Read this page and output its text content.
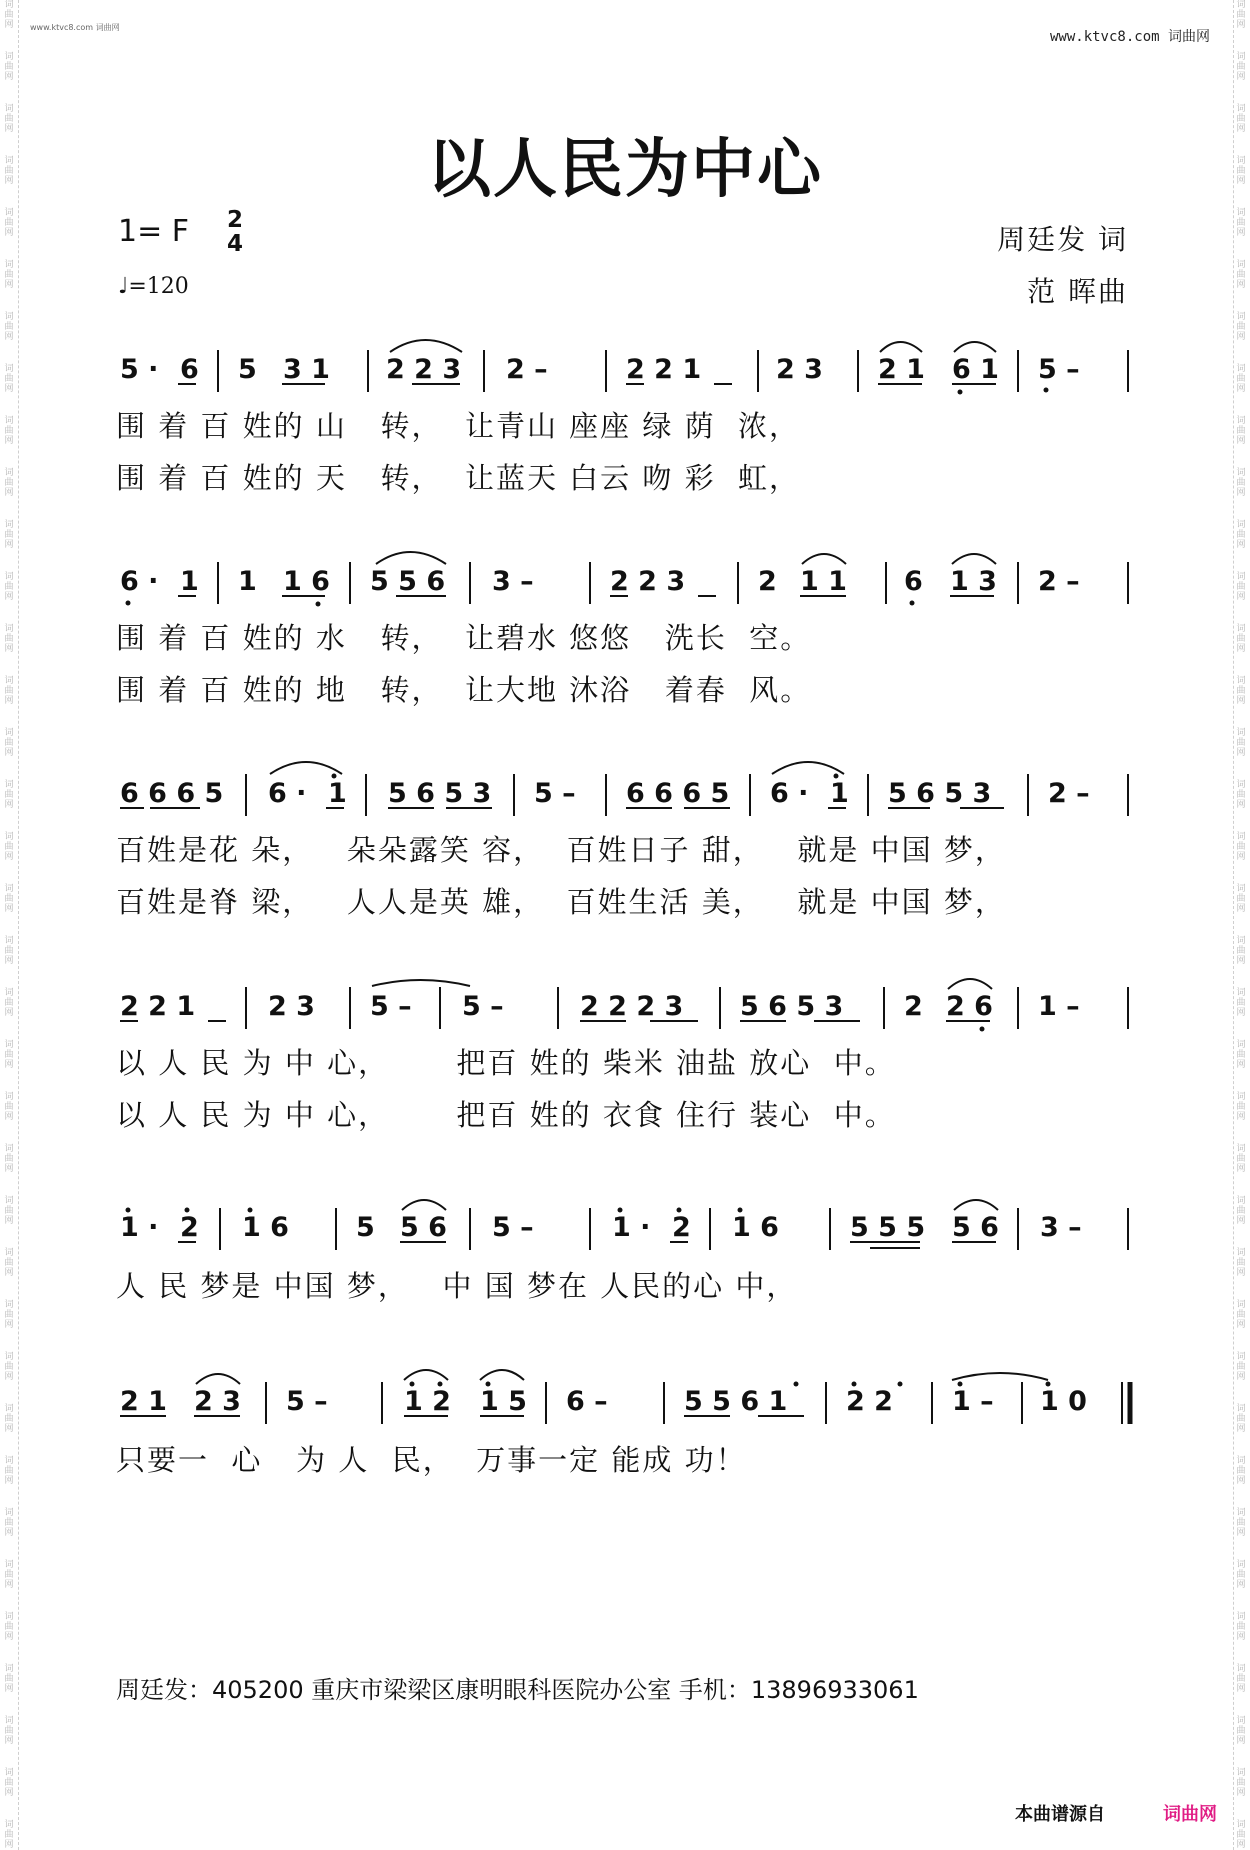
词
曲
网
词
曲
网
词
曲
网
词
曲
网
词
曲
网
词
曲
网
词
曲
网
词
曲
网
词
曲
网
词
曲
网
词
曲
网
词
曲
网
词
曲
网
词
曲
网
词
曲
网
词
曲
网
词
曲
网
词
曲
网
词
曲
网
词
曲
网
词
曲
网
词
曲
网
词
曲
网
词
曲
网
词
曲
网
词
曲
网
词
曲
网
词
曲
网
词
曲
网
词
曲
网
词
曲
网
词
曲
网
词
曲
网
词
曲
网
词
曲
网
词
曲
网
词
曲
网
词
曲
网
词
曲
网
词
曲
网
词
曲
网
词
曲
网
词
曲
网
词
曲
网
词
曲
网
词
曲
网
词
曲
网
词
曲
网
词
曲
网
词
曲
网
词
曲
网
词
曲
网
词
曲
网
词
曲
网
词
曲
网
词
曲
网
词
曲
网
词
曲
网
词
曲
网
词
曲
网
词
曲
网
词
曲
网
词
曲
网
词
曲
网
词
曲
网
词
曲
网
词
曲
网
词
曲
网
词
曲
网
词
曲
网
词
曲
网
词
曲
网
www.ktvc8.com 词曲网
www.ktvc8.com 词曲网
以人民为中心
1= F 2
4
♩=120
周廷发 词
范 晖曲
5 · 6 5 3 1 2 2 3 2 –	2 2 1	2 3 2 1 6 1 5 –
6 · 1 1 1 6 5 5 6 3 –	2 2 3	2 1 1 6 1 3 2 –
6 6 6 5 6 · 1 5 6 5 3 5 – 6 6 6 5 6 · 1 5 6 5 3 2 –
2 2 1	2 3 5 – 5 –	2 2 2 3 5 6 5 3 2 2 6 1 –
1 · 2 1 6 5 5 6 5 –	1 · 2 1 6	5 5 5 5 6 3 –
2 1 2 3 5 –	1 2 1 5 6 –	5 5 6 1 2 2 1 – 1 0
围 着 百 姓的 山   转，  让青山 座座 绿 荫  浓，
围 着 百 姓的 天   转，  让蓝天 白云 吻 彩  虹，
围 着 百 姓的 水   转，  让碧水 悠悠   洗长  空。
围 着 百 姓的 地   转，  让大地 沐浴   着春  风。
百姓是花 朵，   朵朵露笑 容，  百姓日子 甜，   就是 中国 梦，
百姓是脊 梁，   人人是英 雄，  百姓生活 美，   就是 中国 梦，
以 人 民 为 中 心，      把百 姓的 柴米 油盐 放心  中。
以 人 民 为 中 心，      把百 姓的 衣食 住行 装心  中。
人 民 梦是 中国 梦，   中 国 梦在 人民的心 中，
只要一  心   为 人  民，  万事一定 能成 功！
周廷发：405200 重庆市梁梁区康明眼科医院办公室 手机：13896933061
本曲谱源自	词曲网
